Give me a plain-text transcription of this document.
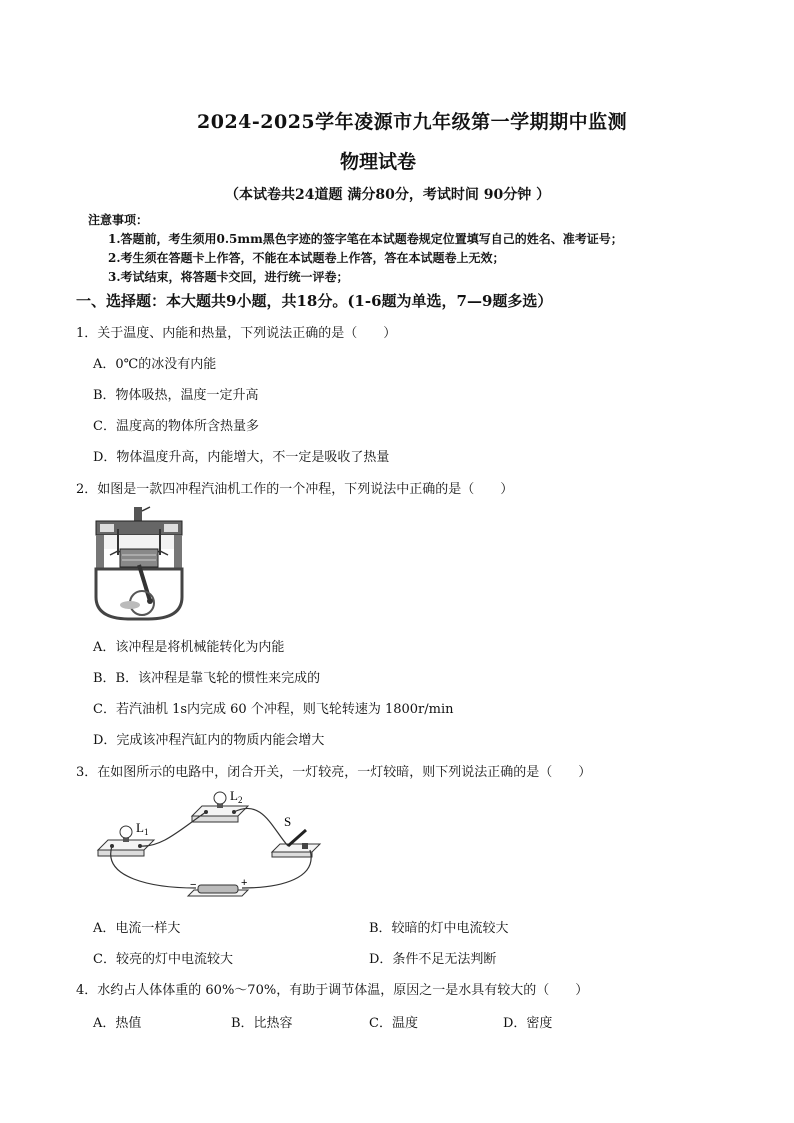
2024-2025学年凌源市九年级第一学期期中监测
物理试卷
（本试卷共24道题 满分80分，考试时间 90分钟 ）
注意事项：
1.答题前，考生须用0.5mm黑色字迹的签字笔在本试题卷规定位置填写自己的姓名、准考证号；
2.考生须在答题卡上作答，不能在本试题卷上作答，答在本试题卷上无效；
3.考试结束，将答题卡交回，进行统一评卷；
一、选择题：本大题共9小题，共18分。(1-6题为单选，7—9题多选）
1．关于温度、内能和热量，下列说法正确的是（　　）
A．0℃的冰没有内能
B．物体吸热，温度一定升高
C．温度高的物体所含热量多
D．物体温度升高，内能增大，不一定是吸收了热量
2．如图是一款四冲程汽油机工作的一个冲程，下列说法中正确的是（　　）
A．该冲程是将机械能转化为内能
B．B．该冲程是靠飞轮的惯性来完成的
C．若汽油机 1s内完成 60 个冲程，则飞轮转速为 1800r/min
D．完成该冲程汽缸内的物质内能会增大
3．在如图所示的电路中，闭合开关，一灯较亮，一灯较暗，则下列说法正确的是（　　）
$L_1$
$L_2$
S
−	+
A．电流一样大	B．较暗的灯中电流较大
C．较亮的灯中电流较大	D．条件不足无法判断
4．水约占人体体重的 60%～70%，有助于调节体温，原因之一是水具有较大的（　　）
A．热值	B．比热容	C．温度	D．密度
